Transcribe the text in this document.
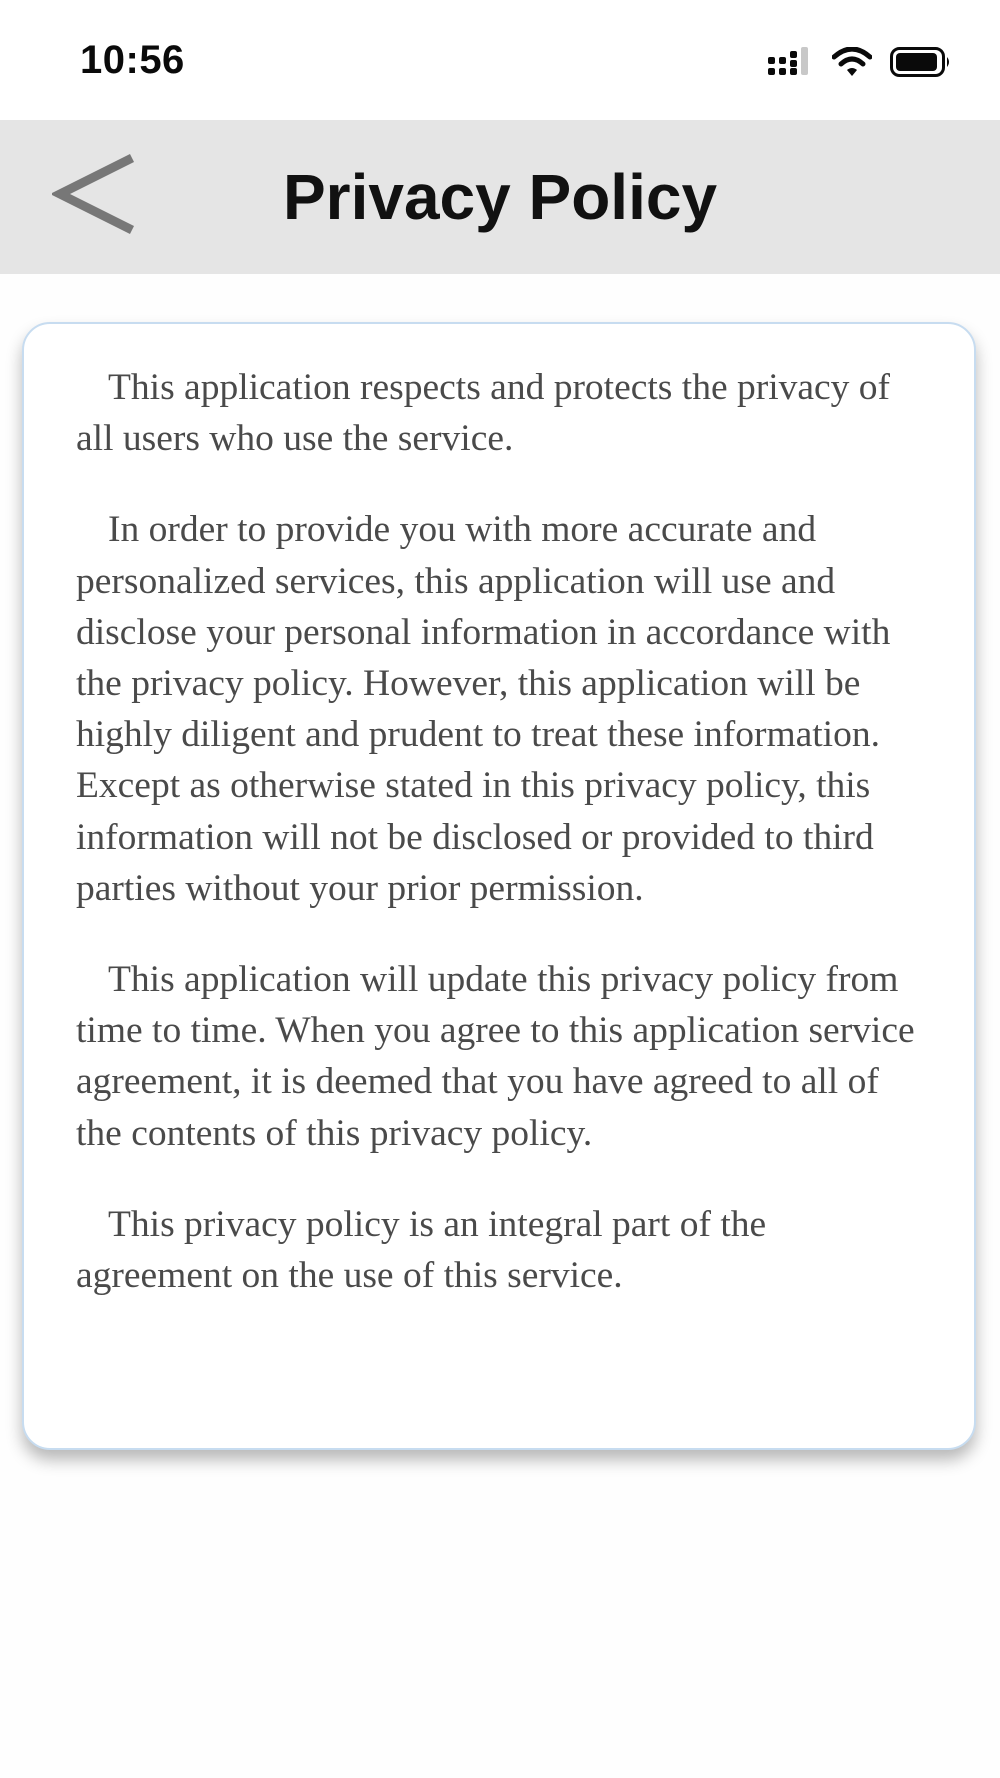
10:56
Privacy Policy

This application respects and protects the privacy of all users who use the service.

In order to provide you with more accurate and personalized services, this application will use and disclose your personal information in accordance with the privacy policy. However, this application will be highly diligent and prudent to treat these information. Except as otherwise stated in this privacy policy, this information will not be disclosed or provided to third parties without your prior permission.

This application will update this privacy policy from time to time. When you agree to this application service agreement, it is deemed that you have agreed to all of the contents of this privacy policy.

This privacy policy is an integral part of the agreement on the use of this service.
